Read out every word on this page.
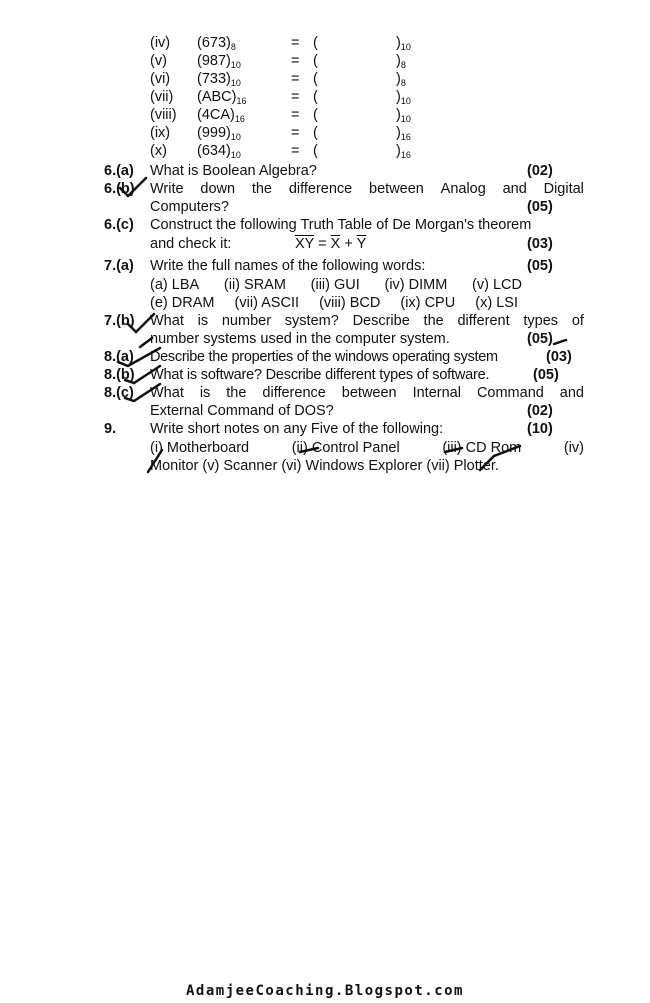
(iv) $(673)_8$	= (	)$_{10}$
(v) $(987)_{10}$	= (	)$_8$
(vi) $(733)_{10}$	= (	)$_8$
(vii) $(ABC)_{16}$	= (	)$_{10}$
(viii) $(4CA)_{16}$	= (	)$_{10}$
(ix) $(999)_{10}$	= (	)$_{16}$
(x) $(634)_{10}$	= (	)$_{16}$
6.(a) What is Boolean Algebra?	(02)
6.(b) Write down the difference between Analog and Digital
Computers?	(05)
6.(c) Construct the following Truth Table of De Morgan's theorem
and check it:	$\overline{XY} = \overline{X} + \overline{Y}$	(03)
7.(a) Write the full names of the following words:	(05)
(a) LBA (ii) SRAM (iii) GUI (iv) DIMM (v) LCD
(e) DRAM (vii) ASCII (viii) BCD (ix) CPU (x) LSI
7.(b) What is number system? Describe the different types of
number systems used in the computer system.	(05)
8.(a) Describe the properties of the windows operating system	(03)
8.(b) What is software? Describe different types of software.	(05)
8.(c) What is the difference between Internal Command and
External Command of DOS?	(02)
9. Write short notes on any Five of the following:	(10)
(i) Motherboard	(ii) Control Panel	(iii) CD Rom	(iv)
Monitor (v) Scanner (vi) Windows Explorer (vii) Plotter.
AdamjeeCoaching.Blogspot.com
